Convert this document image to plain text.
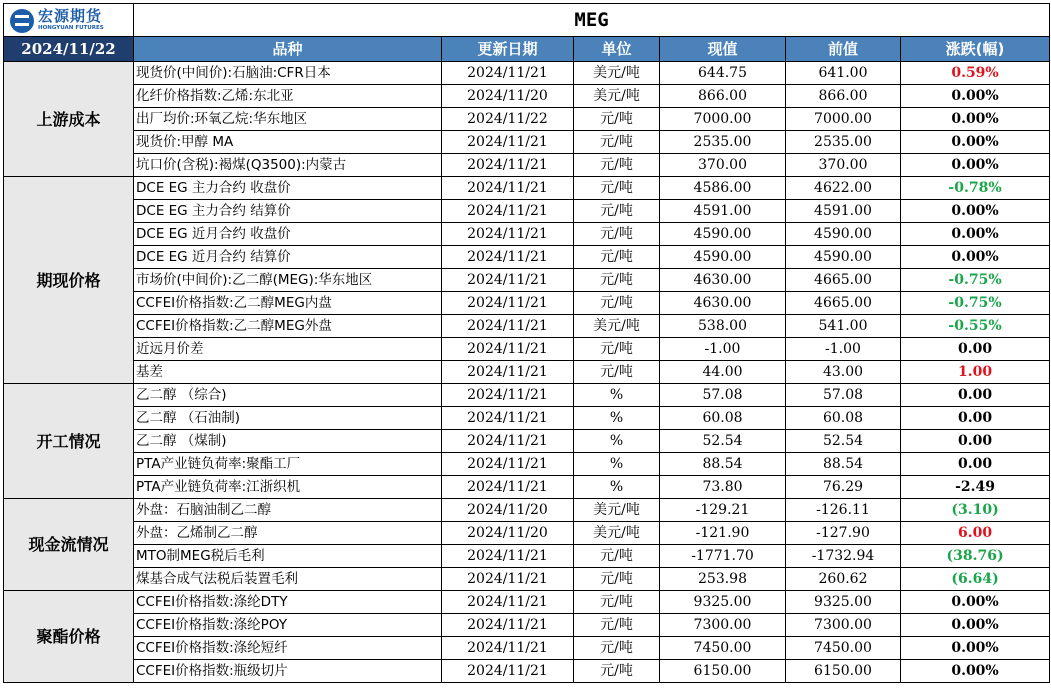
宏源期货
HONGYUAN FUTURES	MEG					
2024/11/22	品种	更新日期	单位	现值	前值	涨跌(幅)
上游成本	现货价(中间价):石脑油:CFR日本	2024/11/21	美元/吨	644.75	641.00	0.59%
	化纤价格指数:乙烯:东北亚	2024/11/20	美元/吨	866.00	866.00	0.00%
	出厂均价:环氧乙烷:华东地区	2024/11/22	元/吨	7000.00	7000.00	0.00%
	现货价:甲醇 MA	2024/11/21	元/吨	2535.00	2535.00	0.00%
	坑口价(含税):褐煤(Q3500):内蒙古	2024/11/21	元/吨	370.00	370.00	0.00%
期现价格	DCE EG 主力合约 收盘价	2024/11/21	元/吨	4586.00	4622.00	-0.78%
	DCE EG 主力合约 结算价	2024/11/21	元/吨	4591.00	4591.00	0.00%
	DCE EG 近月合约 收盘价	2024/11/21	元/吨	4590.00	4590.00	0.00%
	DCE EG 近月合约 结算价	2024/11/21	元/吨	4590.00	4590.00	0.00%
	市场价(中间价):乙二醇(MEG):华东地区	2024/11/21	元/吨	4630.00	4665.00	-0.75%
	CCFEI价格指数:乙二醇MEG内盘	2024/11/21	元/吨	4630.00	4665.00	-0.75%
	CCFEI价格指数:乙二醇MEG外盘	2024/11/21	美元/吨	538.00	541.00	-0.55%
	近远月价差	2024/11/21	元/吨	-1.00	-1.00	0.00
	基差	2024/11/21	元/吨	44.00	43.00	1.00
开工情况	乙二醇 （综合)	2024/11/21	%	57.08	57.08	0.00
	乙二醇 （石油制)	2024/11/21	%	60.08	60.08	0.00
	乙二醇 （煤制)	2024/11/21	%	52.54	52.54	0.00
	PTA产业链负荷率:聚酯工厂	2024/11/21	%	88.54	88.54	0.00
	PTA产业链负荷率:江浙织机	2024/11/21	%	73.80	76.29	-2.49
现金流情况	外盘：石脑油制乙二醇	2024/11/20	美元/吨	-129.21	-126.11	(3.10)
	外盘：乙烯制乙二醇	2024/11/20	美元/吨	-121.90	-127.90	6.00
	MTO制MEG税后毛利	2024/11/21	元/吨	-1771.70	-1732.94	(38.76)
	煤基合成气法税后装置毛利	2024/11/21	元/吨	253.98	260.62	(6.64)
聚酯价格	CCFEI价格指数:涤纶DTY	2024/11/21	元/吨	9325.00	9325.00	0.00%
	CCFEI价格指数:涤纶POY	2024/11/21	元/吨	7300.00	7300.00	0.00%
	CCFEI价格指数:涤纶短纤	2024/11/21	元/吨	7450.00	7450.00	0.00%
	CCFEI价格指数:瓶级切片	2024/11/21	元/吨	6150.00	6150.00	0.00%
